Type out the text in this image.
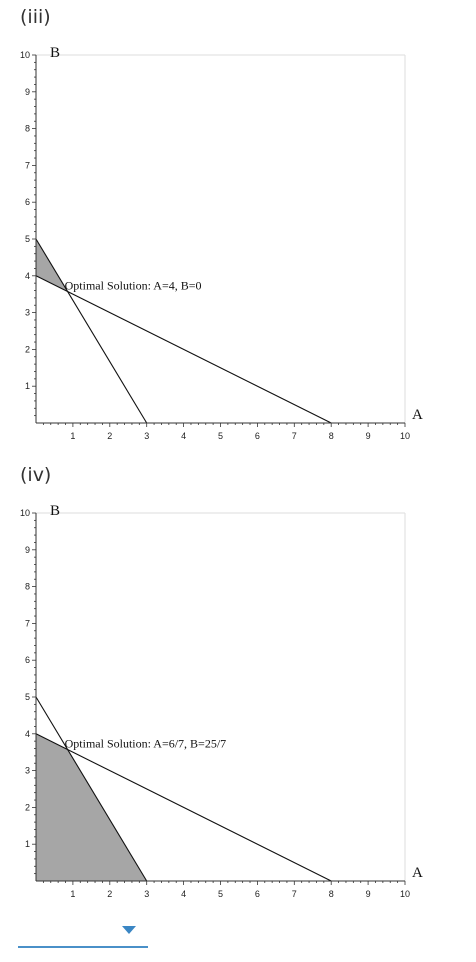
(iii)
1	2	3	4	5	6	7	8	9	10
1
2
3
4
5
6
7
8
9
10 B
A
Optimal Solution: A=4, B=0
(iv)
1	2	3	4	5	6	7	8	9	10
1
2
3
4
5
6
7
8
9
10 B
A
Optimal Solution: A=6/7, B=25/7
